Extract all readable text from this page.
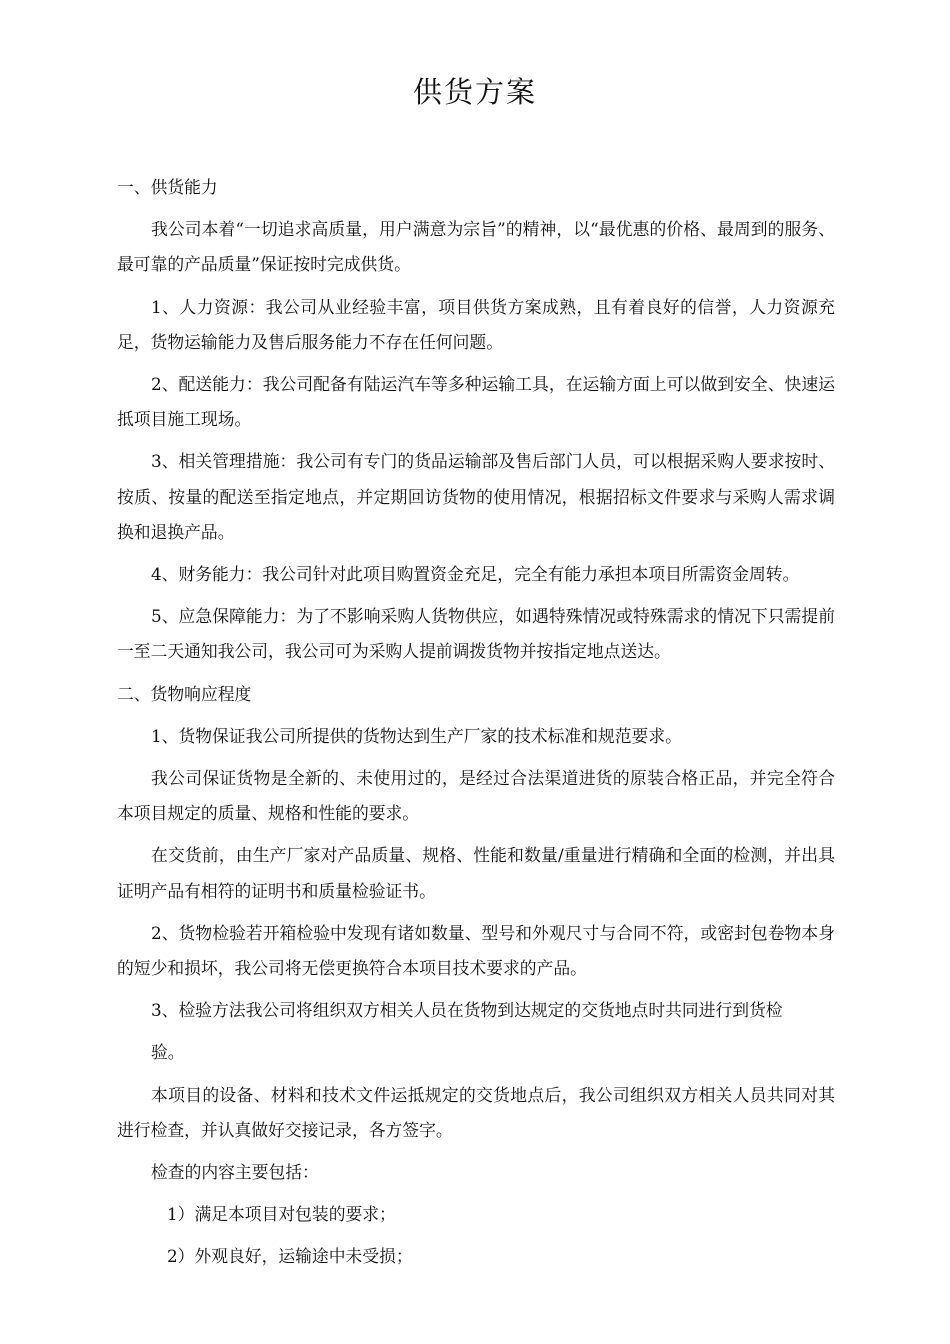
供货方案

一、供货能力

我公司本着“一切追求高质量，用户满意为宗旨”的精神，以“最优惠的价格、最周到的服务、最可靠的产品质量”保证按时完成供货。

1、人力资源：我公司从业经验丰富，项目供货方案成熟，且有着良好的信誉，人力资源充足，货物运输能力及售后服务能力不存在任何问题。

2、配送能力：我公司配备有陆运汽车等多种运输工具，在运输方面上可以做到安全、快速运抵项目施工现场。

3、相关管理措施：我公司有专门的货品运输部及售后部门人员，可以根据采购人要求按时、按质、按量的配送至指定地点，并定期回访货物的使用情况，根据招标文件要求与采购人需求调换和退换产品。

4、财务能力：我公司针对此项目购置资金充足，完全有能力承担本项目所需资金周转。

5、应急保障能力：为了不影响采购人货物供应，如遇特殊情况或特殊需求的情况下只需提前一至二天通知我公司，我公司可为采购人提前调拨货物并按指定地点送达。

二、货物响应程度

1、货物保证我公司所提供的货物达到生产厂家的技术标准和规范要求。

我公司保证货物是全新的、未使用过的，是经过合法渠道进货的原装合格正品，并完全符合本项目规定的质量、规格和性能的要求。

在交货前，由生产厂家对产品质量、规格、性能和数量/重量进行精确和全面的检测，并出具证明产品有相符的证明书和质量检验证书。

2、货物检验若开箱检验中发现有诸如数量、型号和外观尺寸与合同不符，或密封包卷物本身的短少和损坏，我公司将无偿更换符合本项目技术要求的产品。

3、检验方法我公司将组织双方相关人员在货物到达规定的交货地点时共同进行到货检

验。

本项目的设备、材料和技术文件运抵规定的交货地点后，我公司组织双方相关人员共同对其进行检查，并认真做好交接记录，各方签字。

检查的内容主要包括：

1）满足本项目对包装的要求；

2）外观良好，运输途中未受损；
